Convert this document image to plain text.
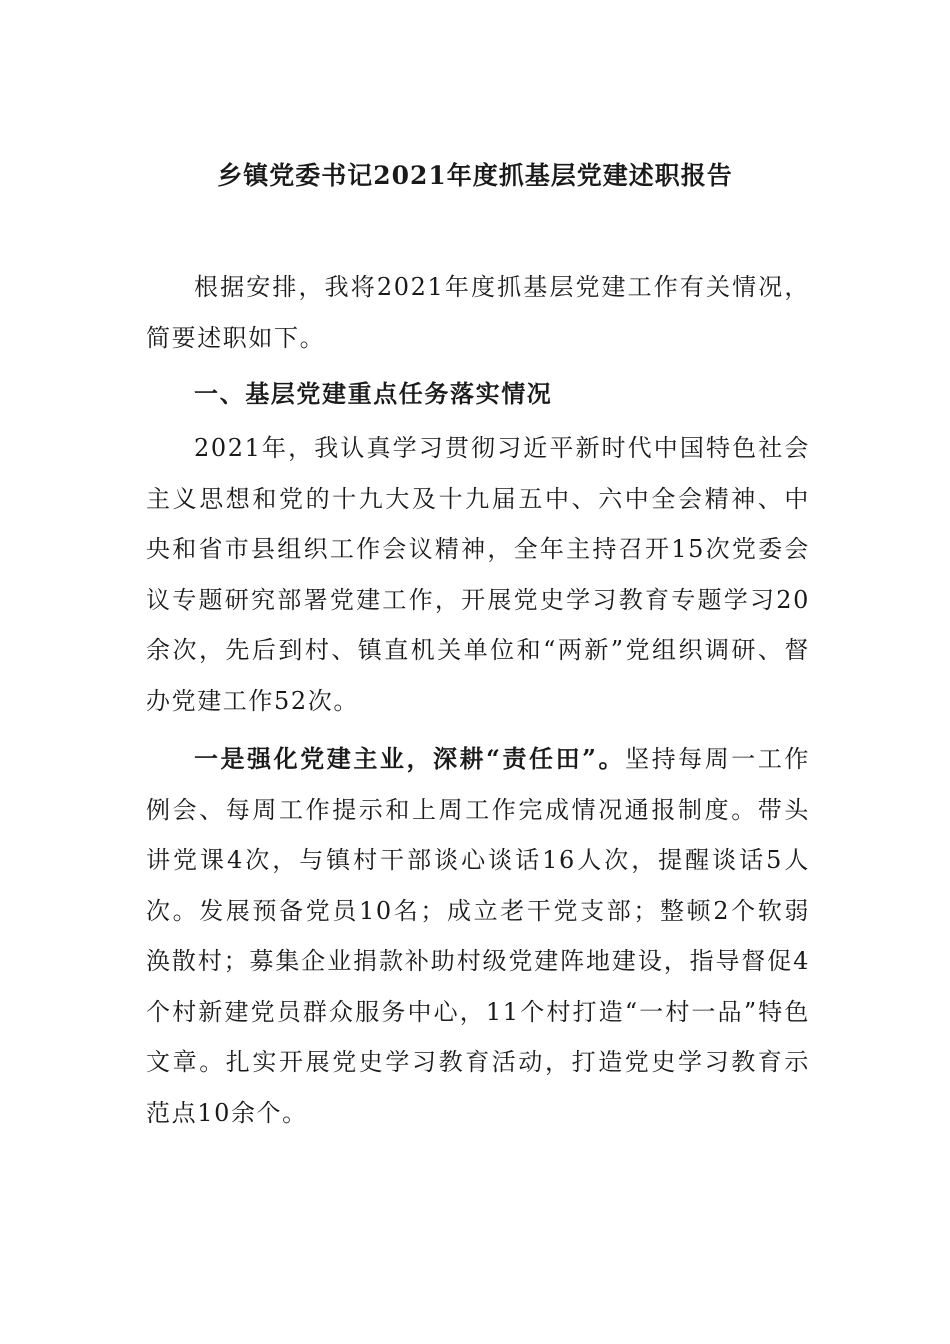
乡镇党委书记2021年度抓基层党建述职报告

根据安排，我将2021年度抓基层党建工作有关情况，简要述职如下。

一、基层党建重点任务落实情况

2021年，我认真学习贯彻习近平新时代中国特色社会主义思想和党的十九大及十九届五中、六中全会精神、中央和省市县组织工作会议精神，全年主持召开15次党委会议专题研究部署党建工作，开展党史学习教育专题学习20余次，先后到村、镇直机关单位和“两新”党组织调研、督办党建工作52次。

一是强化党建主业，深耕“责任田”。坚持每周一工作例会、每周工作提示和上周工作完成情况通报制度。带头讲党课4次，与镇村干部谈心谈话16人次，提醒谈话5人次。发展预备党员10名；成立老干党支部；整顿2个软弱涣散村；募集企业捐款补助村级党建阵地建设，指导督促4个村新建党员群众服务中心，11个村打造“一村一品”特色文章。扎实开展党史学习教育活动，打造党史学习教育示范点10余个。
